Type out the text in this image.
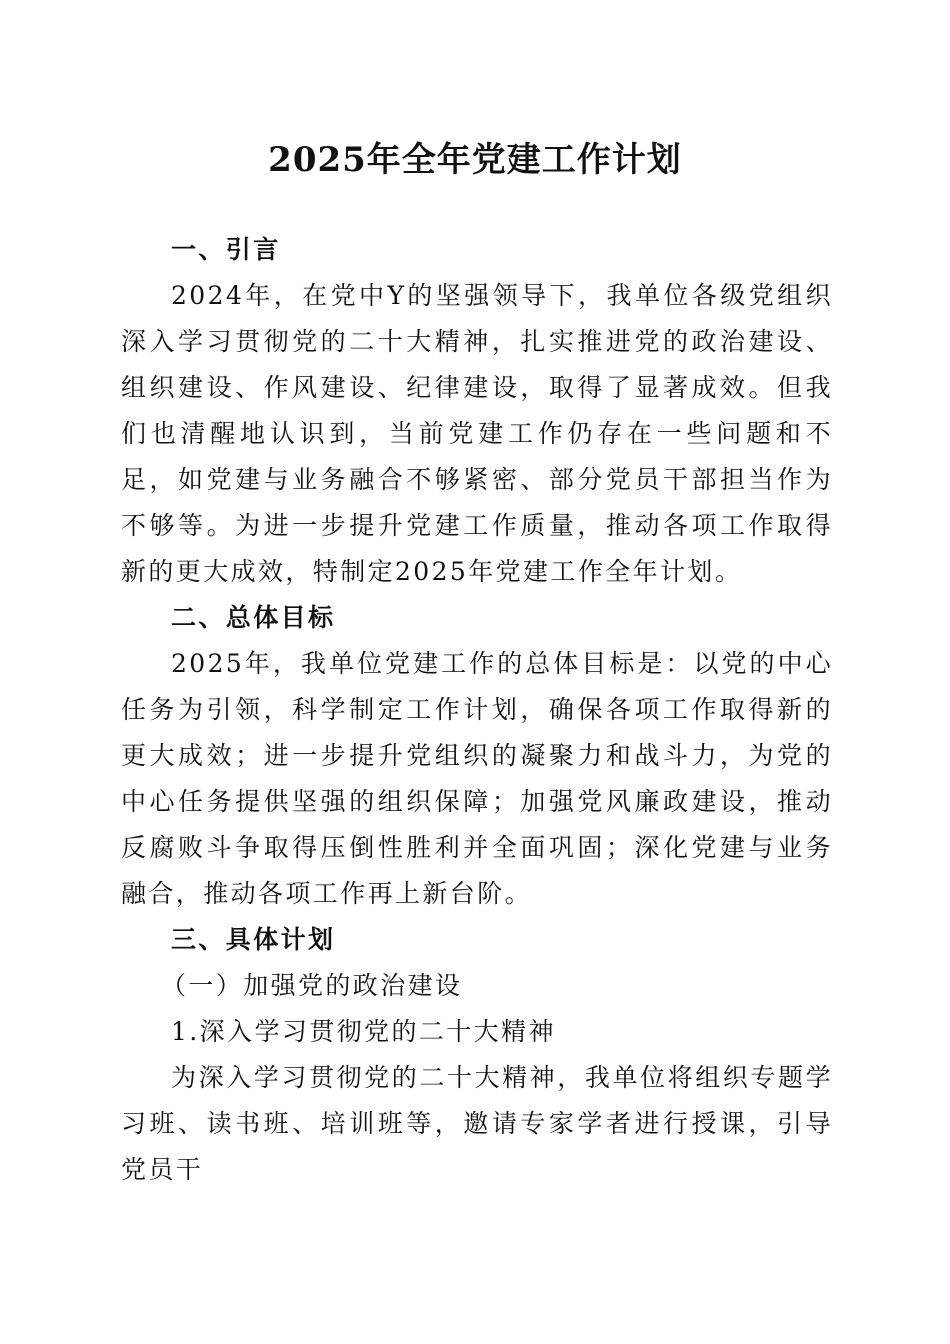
2025年全年党建工作计划

一、引言

2024年，在党中Y的坚强领导下，我单位各级党组织深入学习贯彻党的二十大精神，扎实推进党的政治建设、组织建设、作风建设、纪律建设，取得了显著成效。但我们也清醒地认识到，当前党建工作仍存在一些问题和不足，如党建与业务融合不够紧密、部分党员干部担当作为不够等。为进一步提升党建工作质量，推动各项工作取得新的更大成效，特制定2025年党建工作全年计划。

二、总体目标

2025年，我单位党建工作的总体目标是：以党的中心任务为引领，科学制定工作计划，确保各项工作取得新的更大成效；进一步提升党组织的凝聚力和战斗力，为党的中心任务提供坚强的组织保障；加强党风廉政建设，推动反腐败斗争取得压倒性胜利并全面巩固；深化党建与业务融合，推动各项工作再上新台阶。

三、具体计划

（一）加强党的政治建设

1.深入学习贯彻党的二十大精神

为深入学习贯彻党的二十大精神，我单位将组织专题学习班、读书班、培训班等，邀请专家学者进行授课，引导党员干
